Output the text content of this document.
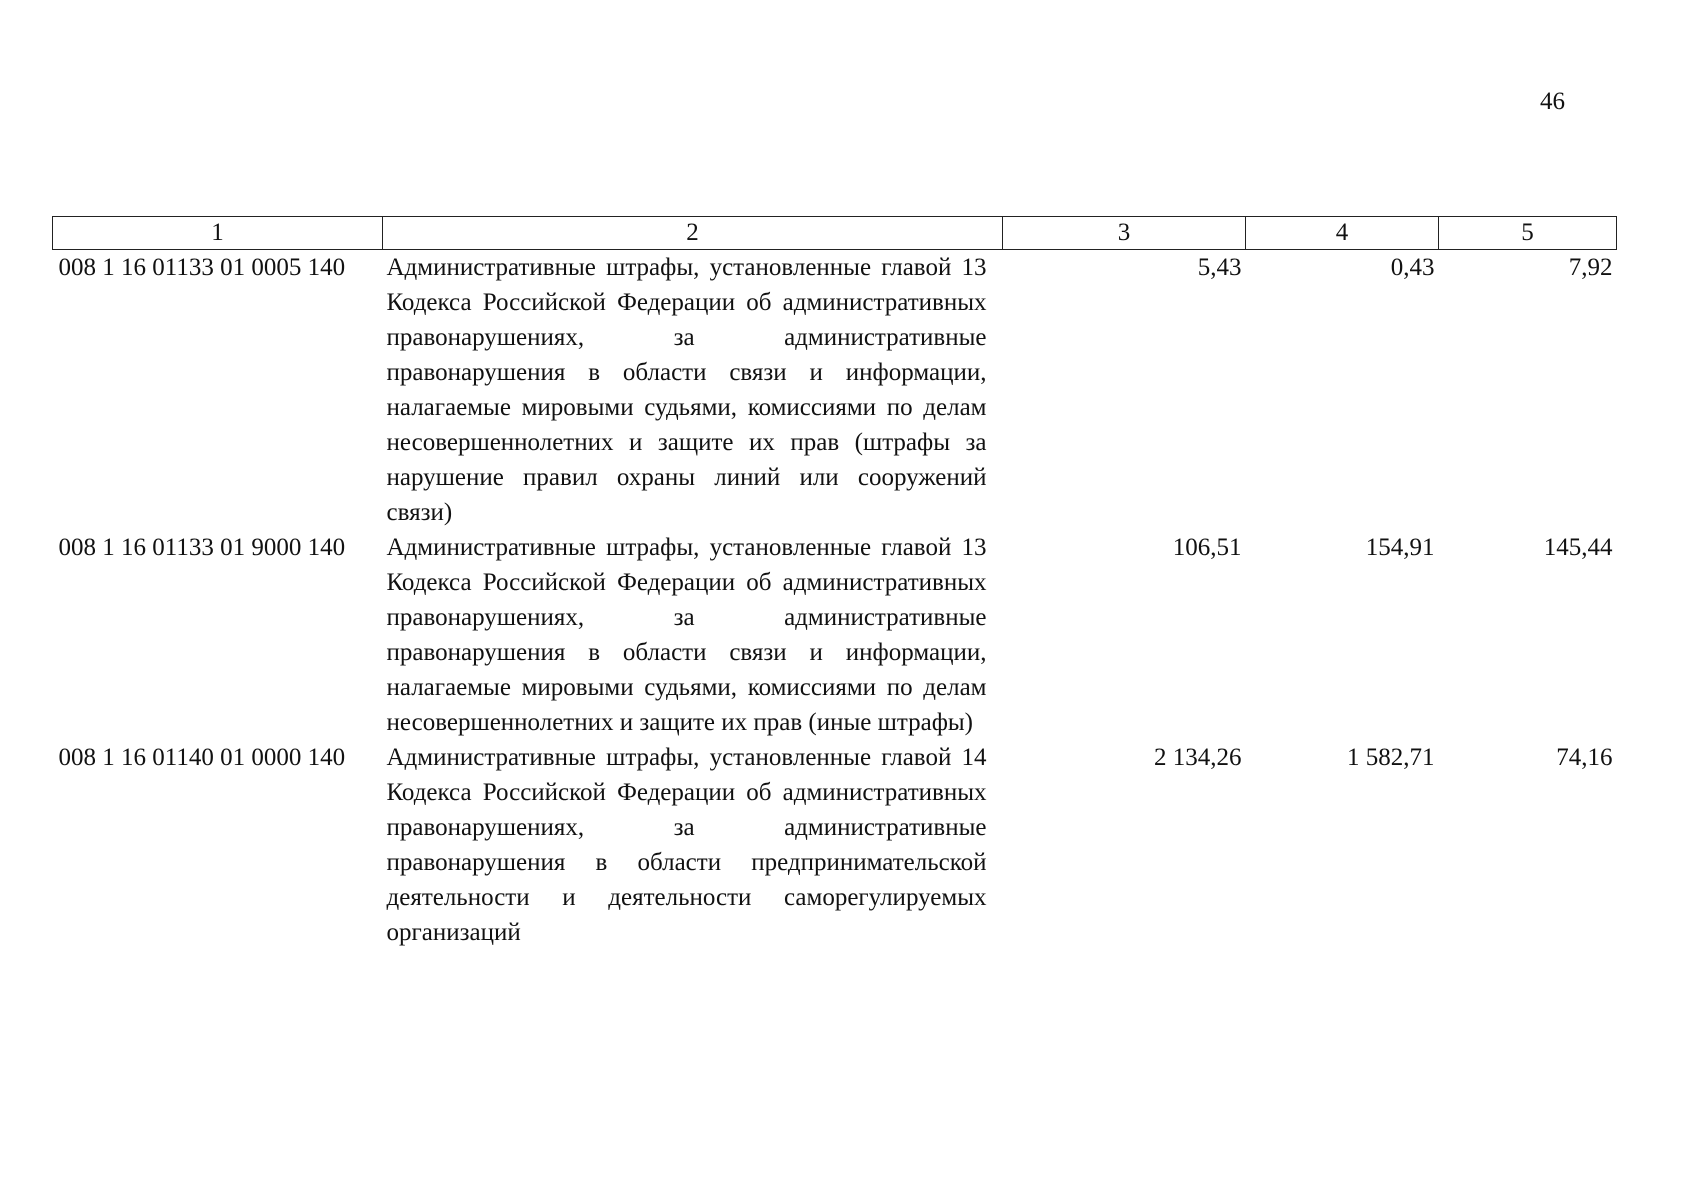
46
1	2	3	4	5
008 1 16 01133 01 0005 140	Административные штрафы, установленные главой 13 Кодекса Российской Федерации об административных правонарушениях, за административные правонарушения в области связи и информации, налагаемые мировыми судьями, комиссиями по делам несовершеннолетних и защите их прав (штрафы за нарушение правил охраны линий или сооружений связи)	5,43	0,43	7,92
008 1 16 01133 01 9000 140	Административные штрафы, установленные главой 13 Кодекса Российской Федерации об административных правонарушениях, за административные правонарушения в области связи и информации, налагаемые мировыми судьями, комиссиями по делам несовершеннолетних и защите их прав (иные штрафы)	106,51	154,91	145,44
008 1 16 01140 01 0000 140	Административные штрафы, установленные главой 14 Кодекса Российской Федерации об административных правонарушениях, за административные правонарушения в области предпринимательской деятельности и деятельности саморегулируемых организаций	2 134,26	1 582,71	74,16
